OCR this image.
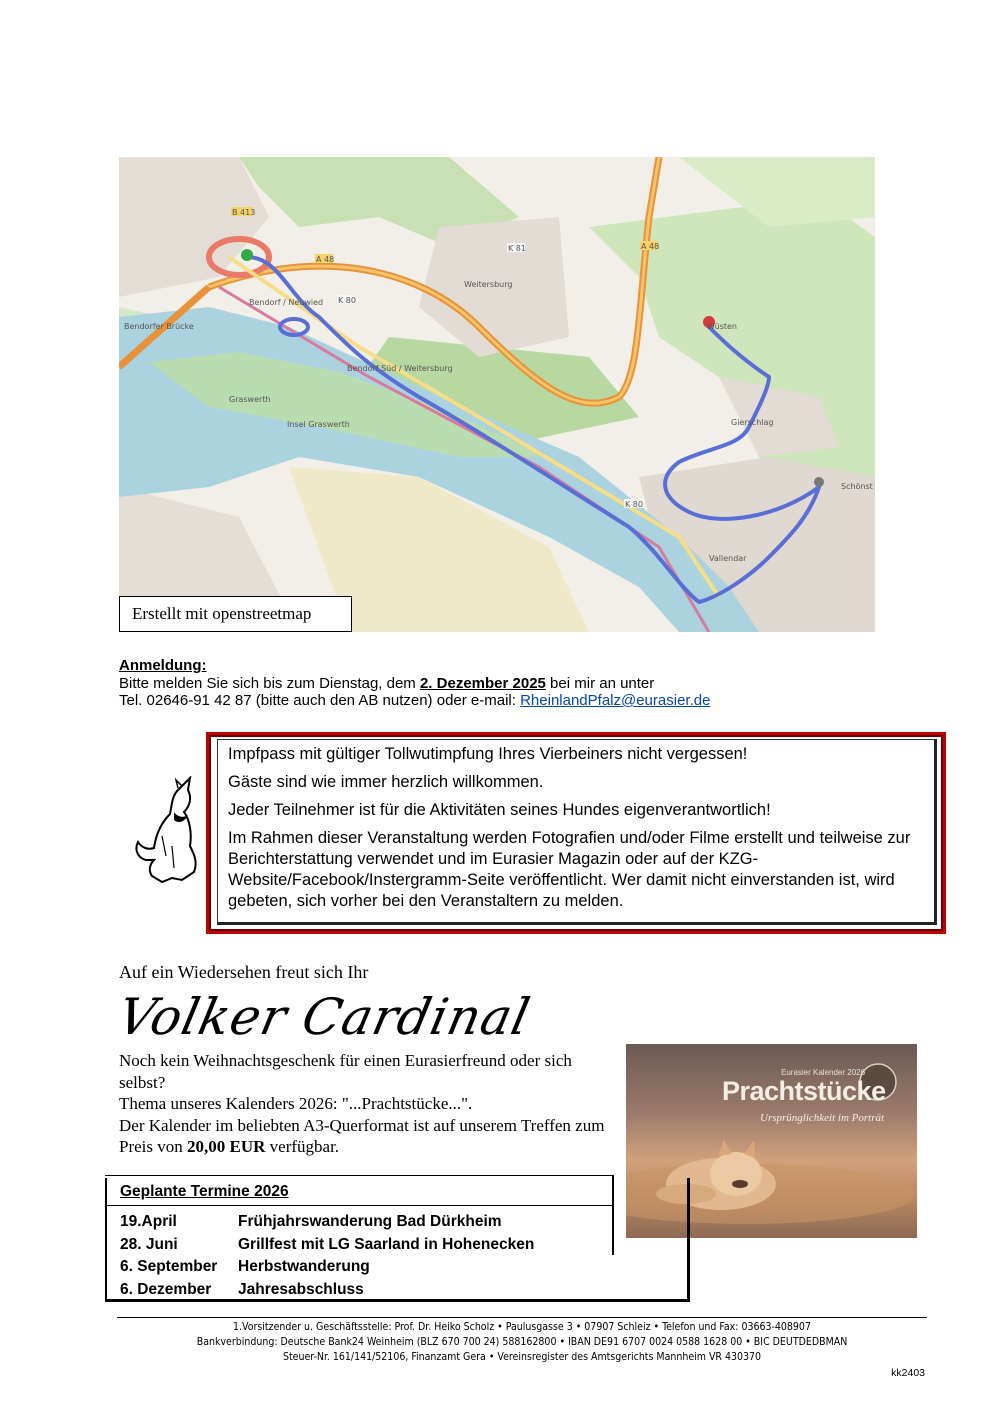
B 413
A 48
A 48
K 81
K 80
K 80
Weitersburg
Insel Graswerth
Graswerth
Bendorfer Brücke
Vallendar
Wüsten
Gierschlag
Schönst
Bendorf / Neuwied
Bendorf Süd / Weitersburg
Erstellt mit openstreetmap
Anmeldung:
Bitte melden Sie sich bis zum Dienstag, dem 2. Dezember 2025 bei mir an unter
Tel. 02646-91 42 87 (bitte auch den AB nutzen) oder e-mail: RheinlandPfalz@eurasier.de

Impfpass mit gültiger Tollwutimpfung Ihres Vierbeiners nicht vergessen!

Gäste sind wie immer herzlich willkommen.

Jeder Teilnehmer ist für die Aktivitäten seines Hundes eigenverantwortlich!

Im Rahmen dieser Veranstaltung werden Fotografien und/oder Filme erstellt und teilweise zur Berichterstattung verwendet und im Eurasier Magazin oder auf der KZG-Website/Facebook/Instergramm-Seite veröffentlicht. Wer damit nicht einverstanden ist, wird gebeten, sich vorher bei den Veranstaltern zu melden.

Auf ein Wiedersehen freut sich Ihr
Volker Cardinal
Noch kein Weihnachtsgeschenk für einen Eurasierfreund oder sich selbst?
Thema unseres Kalenders 2026: "...Prachtstücke...".
Der Kalender im beliebten A3-Querformat ist auf unserem Treffen zum Preis von 20,00 EUR verfügbar.
Eurasier Kalender 2026
Prachtstücke
Ursprünglichkeit im Porträt
Geplante Termine 2026
19.April	Frühjahrswanderung Bad Dürkheim
28. Juni	Grillfest mit LG Saarland in Hohenecken
6. September	Herbstwanderung
6. Dezember	Jahresabschluss
1.Vorsitzender u. Geschäftsstelle: Prof. Dr. Heiko Scholz • Paulusgasse 3 • 07907 Schleiz • Telefon und Fax: 03663-408907
Bankverbindung: Deutsche Bank24 Weinheim (BLZ 670 700 24) 588162800 • IBAN DE91 6707 0024 0588 1628 00 • BIC DEUTDEDBMAN
Steuer-Nr. 161/141/52106, Finanzamt Gera • Vereinsregister des Amtsgerichts Mannheim VR 430370
kk2403
